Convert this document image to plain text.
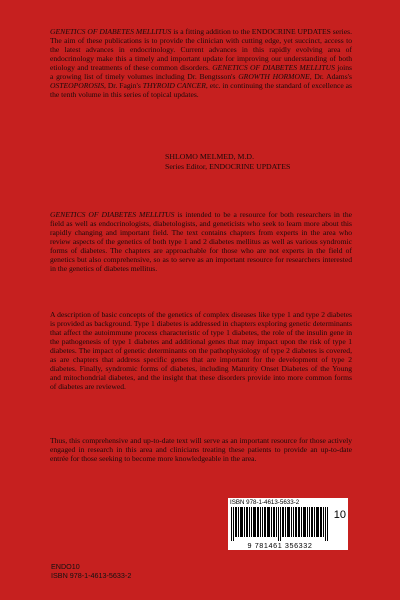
GENETICS OF DIABETES MELLITUS is a fitting addition to the ENDOCRINE UPDATES series. The aim of these publications is to provide the clinician with cutting edge, yet succinct, access to the latest advances in endocrinology. Current advances in this rapidly evolving area of endocrinology make this a timely and important update for improving our understanding of both etiology and treatments of these common disorders. GENETICS OF DIABETES MELLITUS joins a growing list of timely volumes including Dr. Bengtsson's GROWTH HORMONE, Dr. Adams's OSTEOPOROSIS, Dr. Fagin's THYROID CANCER, etc. in continuing the standard of excellence as the tenth volume in this series of topical updates.
SHLOMO MELMED, M.D.
Series Editor, ENDOCRINE UPDATES
GENETICS OF DIABETES MELLITUS is intended to be a resource for both researchers in the field as well as endocrinologists, diabetologists, and geneticists who seek to learn more about this rapidly changing and important field. The text contains chapters from experts in the area who review aspects of the genetics of both type 1 and 2 diabetes mellitus as well as various syndromic forms of diabetes. The chapters are approachable for those who are not experts in the field of genetics but also comprehensive, so as to serve as an important resource for researchers interested in the genetics of diabetes mellitus.
A description of basic concepts of the genetics of complex diseases like type 1 and type 2 diabetes is provided as background. Type 1 diabetes is addressed in chapters exploring genetic determinants that affect the autoimmune process characteristic of type 1 diabetes, the role of the insulin gene in the pathogenesis of type 1 diabetes and additional genes that may impact upon the risk of type 1 diabetes. The impact of genetic determinants on the pathophysiology of type 2 diabetes is covered, as are chapters that address specific genes that are important for the development of type 2 diabetes. Finally, syndromic forms of diabetes, including Maturity Onset Diabetes of the Young and mitochondrial diabetes, and the insight that these disorders provide into more common forms of diabetes are reviewed.
Thus, this comprehensive and up-to-date text will serve as an important resource for those actively engaged in research in this area and clinicians treating these patients to provide an up-to-date entrée for those seeking to become more knowledgeable in the area.
ISBN 978-1-4613-5633-2
10
9 781461 356332
ENDO10
ISBN 978-1-4613-5633-2
